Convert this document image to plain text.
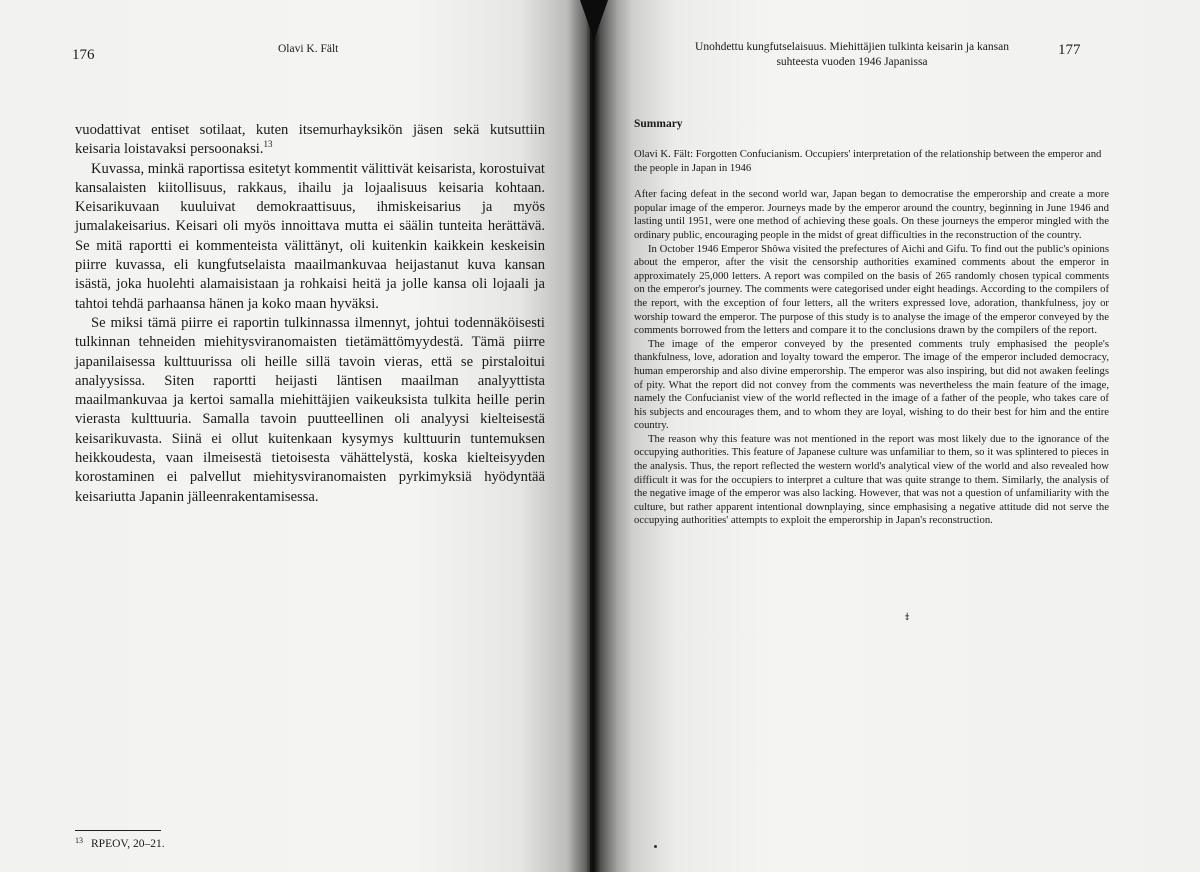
176	Olavi K. Fält

vuodattivat entiset sotilaat, kuten itsemurhayksikön jäsen sekä kutsuttiin keisaria loistavaksi persoonaksi.$^{13}$

Kuvassa, minkä raportissa esitetyt kommentit välittivät keisarista, korostuivat kansalaisten kiitollisuus, rakkaus, ihailu ja lojaalisuus keisaria kohtaan. Keisarikuvaan kuuluivat demokraattisuus, ihmiskeisarius ja myös jumalakeisarius. Keisari oli myös innoittava mutta ei säälin tunteita herättävä. Se mitä raportti ei kommenteista välittänyt, oli kuitenkin kaikkein keskeisin piirre kuvassa, eli kungfutselaista maailmankuvaa heijastanut kuva kansan isästä, joka huolehti alamaisistaan ja rohkaisi heitä ja jolle kansa oli lojaali ja tahtoi tehdä parhaansa hänen ja koko maan hyväksi.

Se miksi tämä piirre ei raportin tulkinnassa ilmennyt, johtui todennäköisesti tulkinnan tehneiden miehitysviranomaisten tietämättömyydestä. Tämä piirre japanilaisessa kulttuurissa oli heille sillä tavoin vieras, että se pirstaloitui analyysissa. Siten raportti heijasti läntisen maailman analyyttista maailmankuvaa ja kertoi samalla miehittäjien vaikeuksista tulkita heille perin vierasta kulttuuria. Samalla tavoin puutteellinen oli analyysi kielteisestä keisarikuvasta. Siinä ei ollut kuitenkaan kysymys kulttuurin tuntemuksen heikkoudesta, vaan ilmeisestä tietoisesta vähättelystä, koska kielteisyyden korostaminen ei palvellut miehitysviranomaisten pyrkimyksiä hyödyntää keisariutta Japanin jälleenrakentamisessa.

$^{13}$ RPEOV, 20–21.
Unohdettu kungfutselaisuus. Miehittäjien tulkinta keisarin ja kansan suhteesta vuoden 1946 Japanissa
177
Summary

Olavi K. Fält: Forgotten Confucianism. Occupiers' interpretation of the relationship between the emperor and the people in Japan in 1946

After facing defeat in the second world war, Japan began to democratise the emperorship and create a more popular image of the emperor. Journeys made by the emperor around the country, beginning in June 1946 and lasting until 1951, were one method of achieving these goals. On these journeys the emperor mingled with the ordinary public, encouraging people in the midst of great difficulties in the reconstruction of the country.

In October 1946 Emperor Shôwa visited the prefectures of Aichi and Gifu. To find out the public's opinions about the emperor, after the visit the censorship authorities examined comments about the emperor in approximately 25,000 letters. A report was compiled on the basis of 265 randomly chosen typical comments on the emperor's journey. The comments were categorised under eight headings. According to the compilers of the report, with the exception of four letters, all the writers expressed love, adoration, thankfulness, joy or worship toward the emperor. The purpose of this study is to analyse the image of the emperor conveyed by the comments borrowed from the letters and compare it to the conclusions drawn by the compilers of the report.

The image of the emperor conveyed by the presented comments truly emphasised the people's thankfulness, love, adoration and loyalty toward the emperor. The image of the emperor included democracy, human emperorship and also divine emperorship. The emperor was also inspiring, but did not awaken feelings of pity. What the report did not convey from the comments was nevertheless the main feature of the image, namely the Confucianist view of the world reflected in the image of a father of the people, who takes care of his subjects and encourages them, and to whom they are loyal, wishing to do their best for him and the entire country.

The reason why this feature was not mentioned in the report was most likely due to the ignorance of the occupying authorities. This feature of Japanese culture was unfamiliar to them, so it was splintered to pieces in the analysis. Thus, the report reflected the western world's analytical view of the world and also revealed how difficult it was for the occupiers to interpret a culture that was quite strange to them. Similarly, the analysis of the negative image of the emperor was also lacking. However, that was not a question of unfamiliarity with the culture, but rather apparent intentional downplaying, since emphasising a negative attitude did not serve the occupying authorities' attempts to exploit the emperorship in Japan's reconstruction.

⤈
